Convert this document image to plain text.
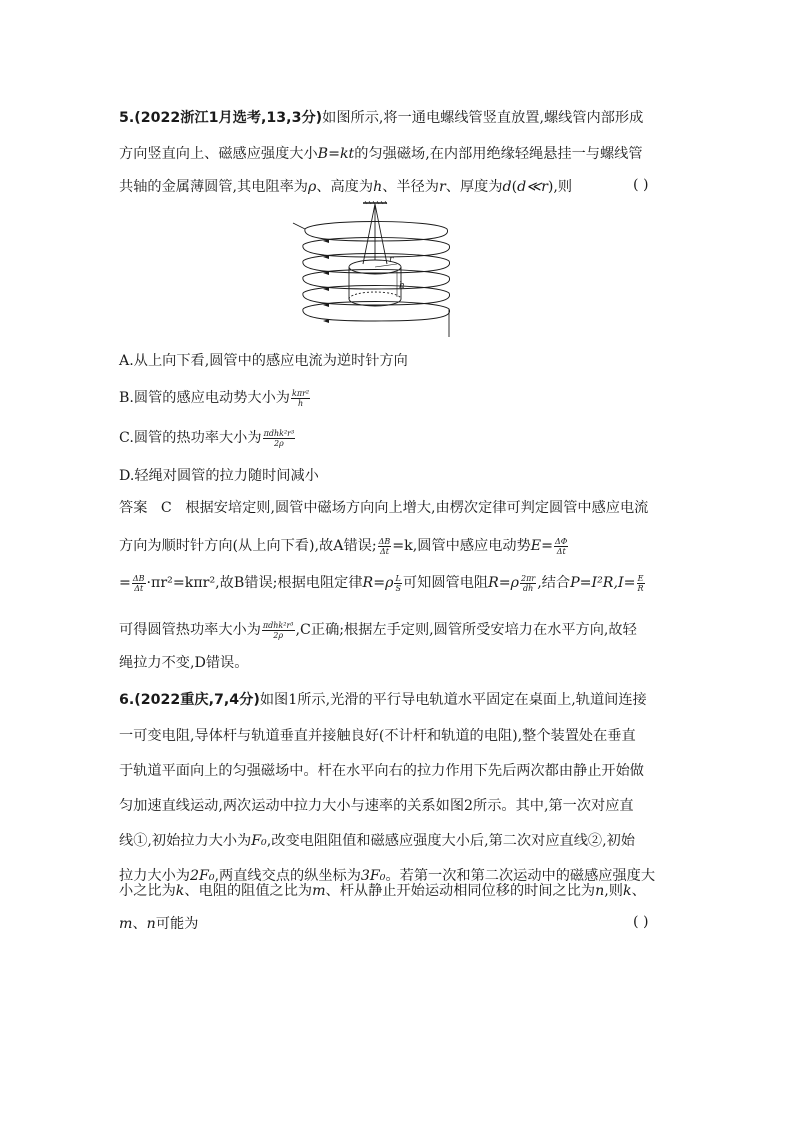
5.(2022浙江1月选考,13,3分)如图所示,将一通电螺线管竖直放置,螺线管内部形成
方向竖直向上、磁感应强度大小B=kt的匀强磁场,在内部用绝缘轻绳悬挂一与螺线管
共轴的金属薄圆管,其电阻率为ρ、高度为h、半径为r、厚度为d(d≪r),则	( )
r
h
A.从上向下看,圆管中的感应电流为逆时针方向
B.圆管的感应电动势大小为 $\frac{\text{kπr²}}{h}$
C.圆管的热功率大小为 $\frac{\text{πdhk²r³}}{2\rho}$
D.轻绳对圆管的拉力随时间减小
答案 C 根据安培定则,圆管中磁场方向向上增大,由楞次定律可判定圆管中感应电流
方向为顺时针方向(从上向下看),故A错误; $\frac{\Delta B}{\Delta t} =k$,圆管中感应电动势$E= \frac{\Delta\Phi}{\Delta t}$
= $\frac{\Delta B}{\Delta t} \cdot\pi r^2=k\pi r^2$,故B错误;根据电阻定律$R=\rho \frac{L}{S}$ 可知圆管电阻$R=\rho \frac{2\pi r}{dh}$ ,结合$P=I^2R,I= \frac{E}{R}$
可得圆管热功率大小为 $\frac{\text{πdhk²r³}}{2\rho} ,C$正确;根据左手定则,圆管所受安培力在水平方向,故轻
绳拉力不变,D错误。
6.(2022重庆,7,4分)如图1所示,光滑的平行导电轨道水平固定在桌面上,轨道间连接
一可变电阻,导体杆与轨道垂直并接触良好(不计杆和轨道的电阻),整个装置处在垂直
于轨道平面向上的匀强磁场中。杆在水平向右的拉力作用下先后两次都由静止开始做
匀加速直线运动,两次运动中拉力大小与速率的关系如图2所示。其中,第一次对应直
线①,初始拉力大小为F₀,改变电阻阻值和磁感应强度大小后,第二次对应直线②,初始
拉力大小为2F₀,两直线交点的纵坐标为3F₀。若第一次和第二次运动中的磁感应强度大
小之比为k、电阻的阻值之比为m、杆从静止开始运动相同位移的时间之比为n,则k、
m、n可能为	( )
